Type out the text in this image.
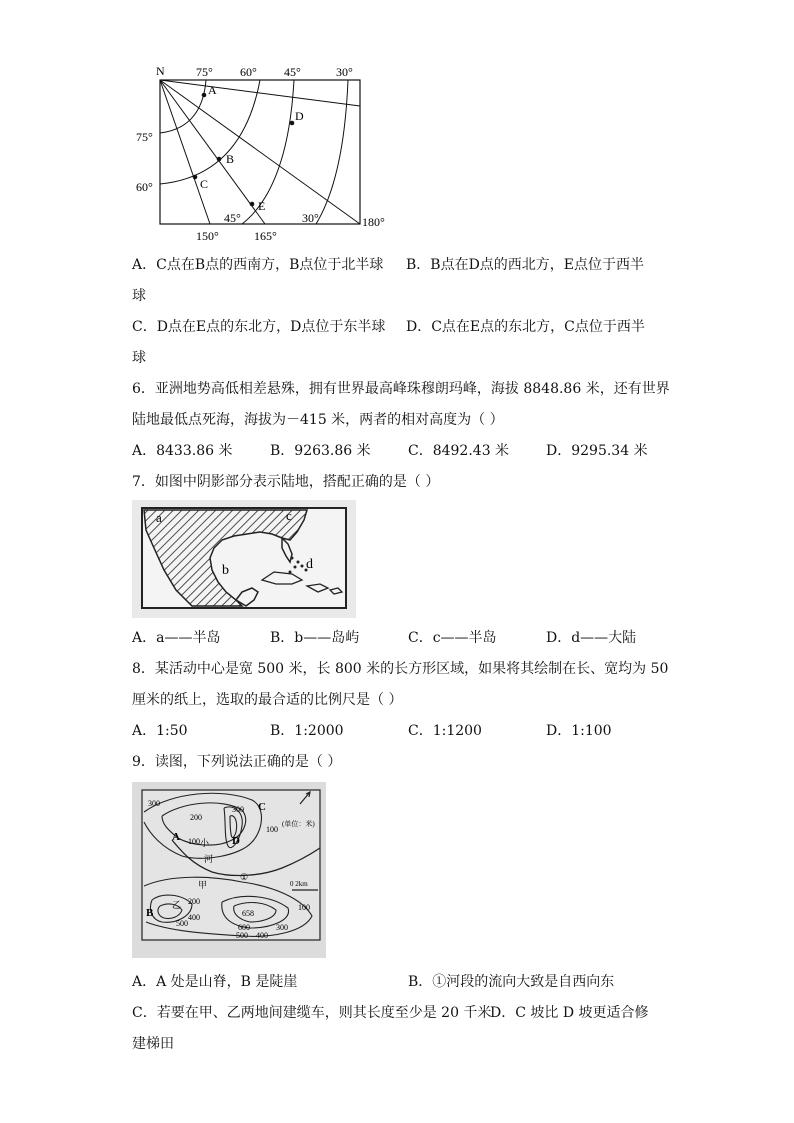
N	75° 60° 45°	30°
75°
60°
45°	30°
150°	165°
180°
A
B
C
D
E
A．C点在B点的西南方，B点位于北半球 B．B点在D点的西北方，E点位于西半
球
C．D点在E点的东北方，D点位于东半球 D．C点在E点的东北方，C点位于西半
球
6．亚洲地势高低相差悬殊，拥有世界最高峰珠穆朗玛峰，海拔 8848.86 米，还有世界
陆地最低点死海，海拔为－415 米，两者的相对高度为（ ）
A．8433.86 米	B．9263.86 米	C．8492.43 米	D．9295.34 米
7．如图中阴影部分表示陆地，搭配正确的是（ ）
a
b
c
d
A．a——半岛	B．b——岛屿	C．c——半岛	D．d——大陆
8．某活动中心是宽 500 米，长 800 米的长方形区域，如果将其绘制在长、宽均为 50
厘米的纸上，选取的最合适的比例尺是（ ）
A．1:50	B．1:2000	C．1:1200	D．1:100
9．读图，下列说法正确的是（ ）
300
200
100
300
100
200
400
500
658
600
400
300
500
100
A
B
C
D
甲
乙
①
小
河
(单位：米)
0 2km
A．A 处是山脊，B 是陡崖	B．①河段的流向大致是自西向东
C．若要在甲、乙两地间建缆车，则其长度至少是 20 千米
D．C 坡比 D 坡更适合修
建梯田
